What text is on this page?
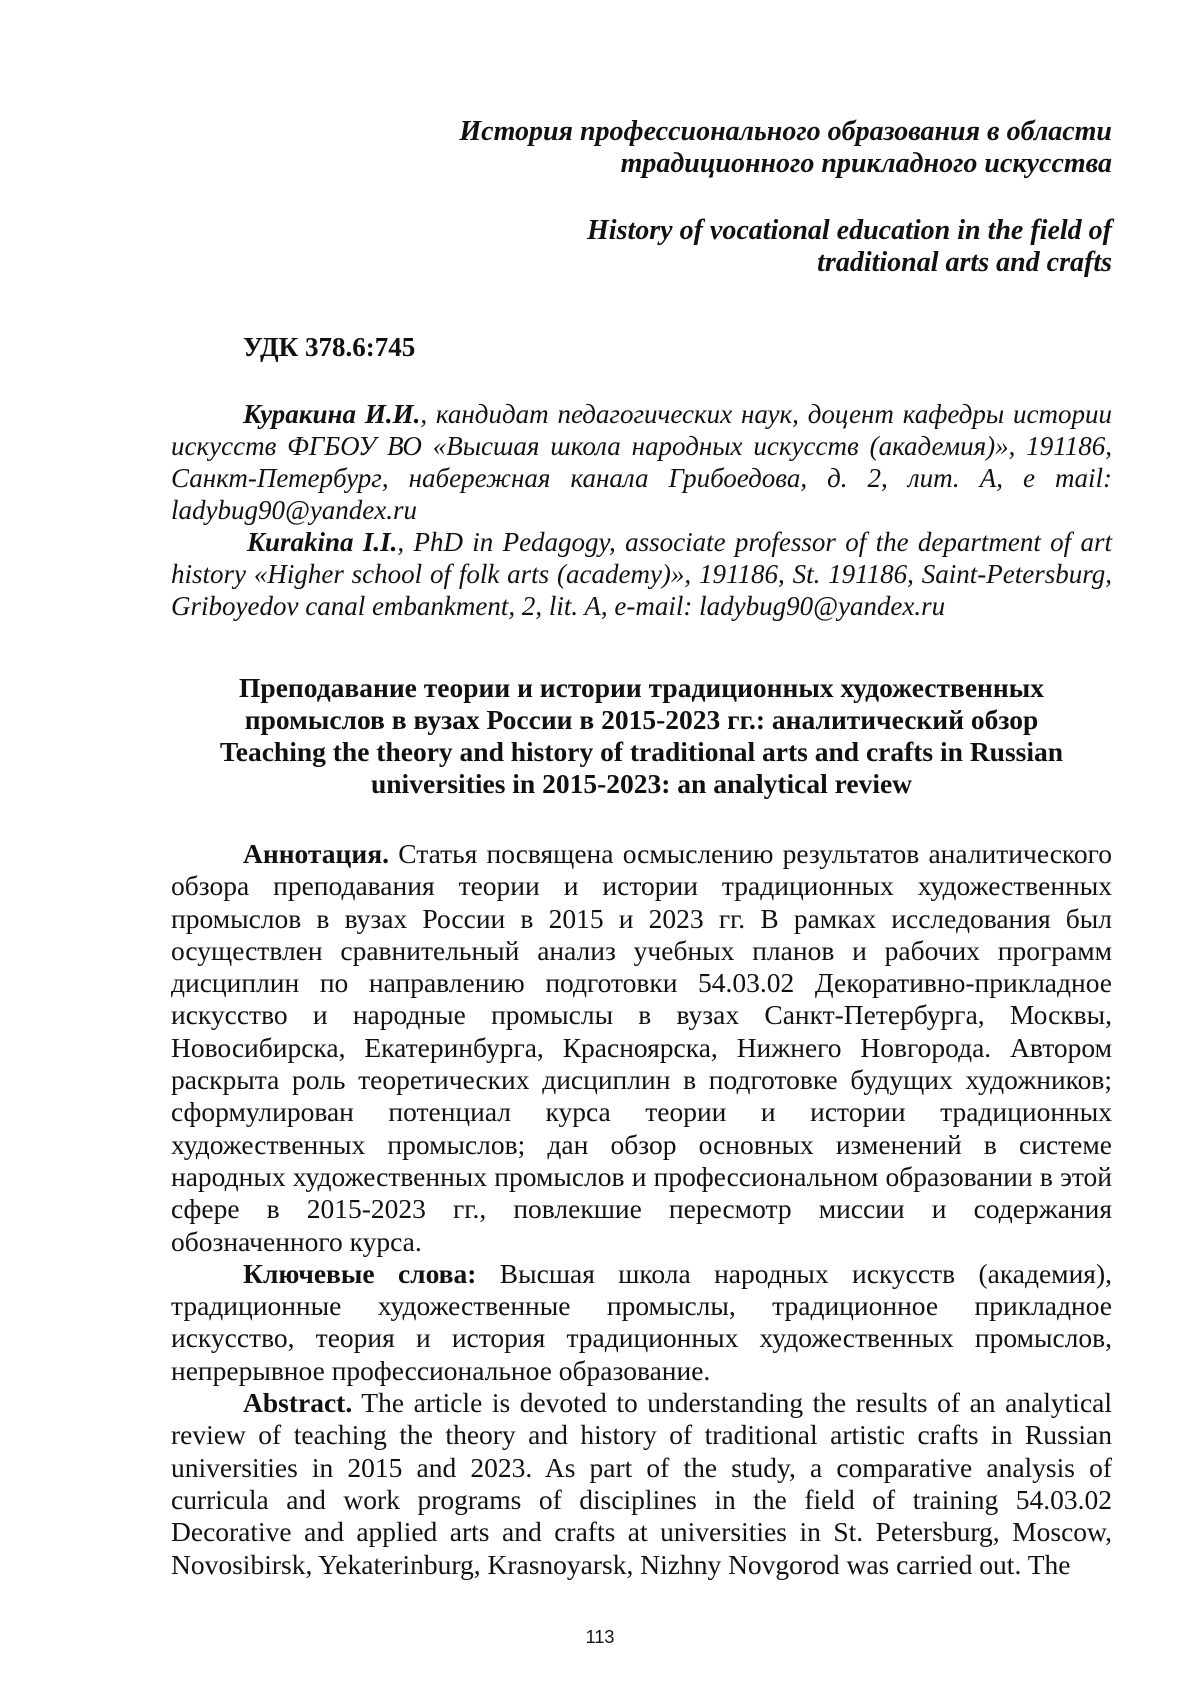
История профессионального образования в области
традиционного прикладного искусства
History of vocational education in the field of
traditional arts and crafts
УДК 378.6:745

Куракина И.И., кандидат педагогических наук, доцент кафедры истории искусств ФГБОУ ВО «Высшая школа народных искусств (академия)», 191186, Санкт-Петербург, набережная канала Грибоедова, д. 2, лит. А, e mail: ladybug90@yandex.ru

Kurakina I.I., PhD in Pedagogy, associate professor of the department of art history «Higher school of folk arts (academy)», 191186, St. 191186, Saint-Petersburg, Griboyedov canal embankment, 2, lit. A, e-mail: ladybug90@yandex.ru

Преподавание теории и истории традиционных художественных
промыслов в вузах России в 2015-2023 гг.: аналитический обзор
Teaching the theory and history of traditional arts and crafts in Russian
universities in 2015-2023: an analytical review

Аннотация. Статья посвящена осмыслению результатов аналитического обзора преподавания теории и истории традиционных художественных промыслов в вузах России в 2015 и 2023 гг. В рамках исследования был осуществлен сравнительный анализ учебных планов и рабочих программ дисциплин по направлению подготовки 54.03.02 Декоративно-прикладное искусство и народные промыслы в вузах Санкт-Петербурга, Москвы, Новосибирска, Екатеринбурга, Красноярска, Нижнего Новгорода. Автором раскрыта роль теоретических дисциплин в подготовке будущих художников; сформулирован потенциал курса теории и истории традиционных художественных промыслов; дан обзор основных изменений в системе народных художественных промыслов и профессиональном образовании в этой сфере в 2015-2023 гг., повлекшие пересмотр миссии и содержания обозначенного курса.

Ключевые слова: Высшая школа народных искусств (академия), традиционные художественные промыслы, традиционное прикладное искусство, теория и история традиционных художественных промыслов, непрерывное профессиональное образование.

Abstract. The article is devoted to understanding the results of an analytical review of teaching the theory and history of traditional artistic crafts in Russian universities in 2015 and 2023. As part of the study, a comparative analysis of curricula and work programs of disciplines in the field of training 54.03.02 Decorative and applied arts and crafts at universities in St. Petersburg, Moscow, Novosibirsk, Yekaterinburg, Krasnoyarsk, Nizhny Novgorod was carried out. The

113
